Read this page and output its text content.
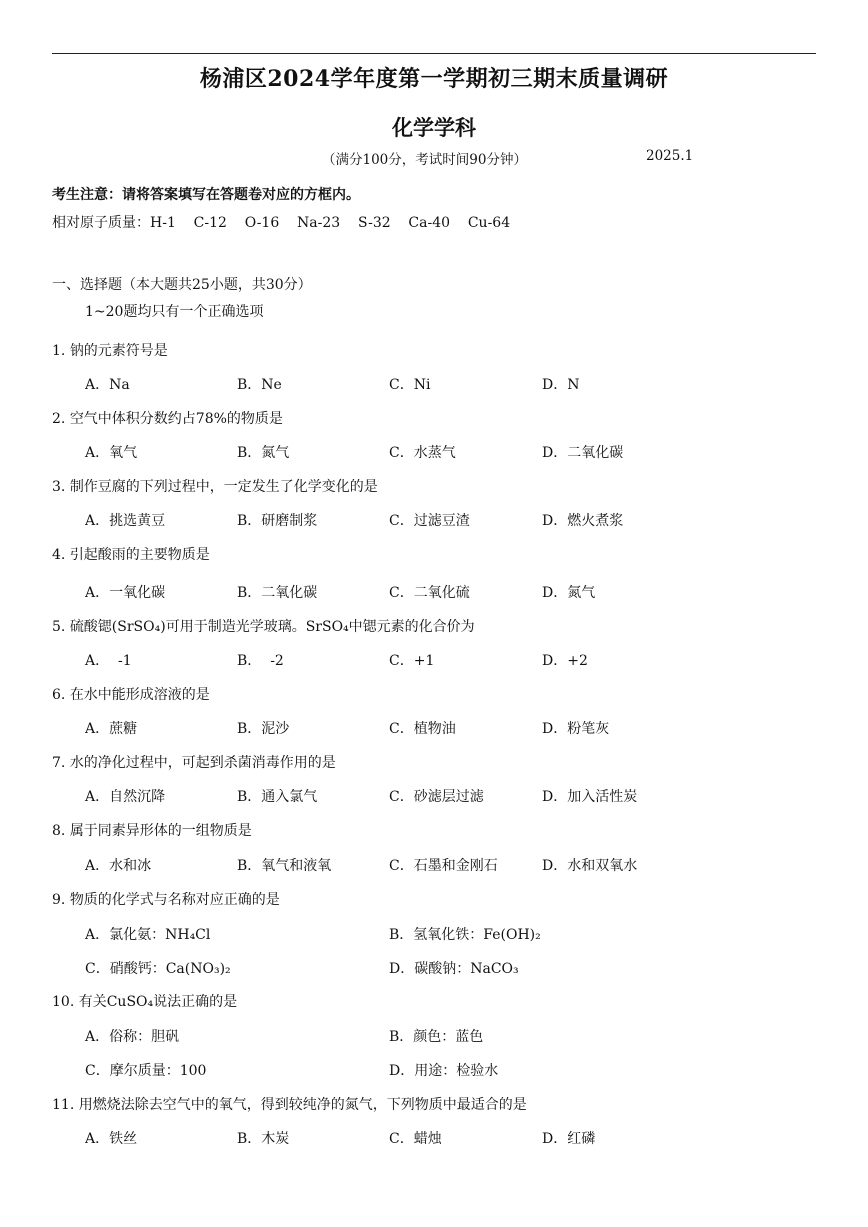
杨浦区2024学年度第一学期初三期末质量调研
化学学科
（满分100分，考试时间90分钟）	2025.1
考生注意：请将答案填写在答题卷对应的方框内。
相对原子质量：H-1    C-12    O-16    Na-23    S-32    Ca-40    Cu-64
一、选择题（本大题共25小题，共30分）
1~20题均只有一个正确选项
1. 钠的元素符号是
A．Na	B．Ne	C．Ni	D．N
2. 空气中体积分数约占78%的物质是
A．氧气	B．氮气	C．水蒸气	D．二氧化碳
3. 制作豆腐的下列过程中，一定发生了化学变化的是
A．挑选黄豆	B．研磨制浆	C．过滤豆渣	D．燃火煮浆
4. 引起酸雨的主要物质是
A．一氧化碳	B．二氧化碳	C．二氧化硫	D．氮气
5. 硫酸锶(SrSO₄)可用于制造光学玻璃。SrSO₄中锶元素的化合价为
A．  -1	B．  -2	C．+1	D．+2
6. 在水中能形成溶液的是
A．蔗糖	B．泥沙	C．植物油	D．粉笔灰
7. 水的净化过程中，可起到杀菌消毒作用的是
A．自然沉降	B．通入氯气	C．砂滤层过滤	D．加入活性炭
8. 属于同素异形体的一组物质是
A．水和冰	B．氧气和液氧	C．石墨和金刚石	D．水和双氧水
9. 物质的化学式与名称对应正确的是
A．氯化氨：NH₄Cl	B．氢氧化铁：Fe(OH)₂
C．硝酸钙：Ca(NO₃)₂	D．碳酸钠：NaCO₃
10. 有关CuSO₄说法正确的是
A．俗称：胆矾	B．颜色：蓝色
C．摩尔质量：100	D．用途：检验水
11. 用燃烧法除去空气中的氧气，得到较纯净的氮气，下列物质中最适合的是
A．铁丝	B．木炭	C．蜡烛	D．红磷
